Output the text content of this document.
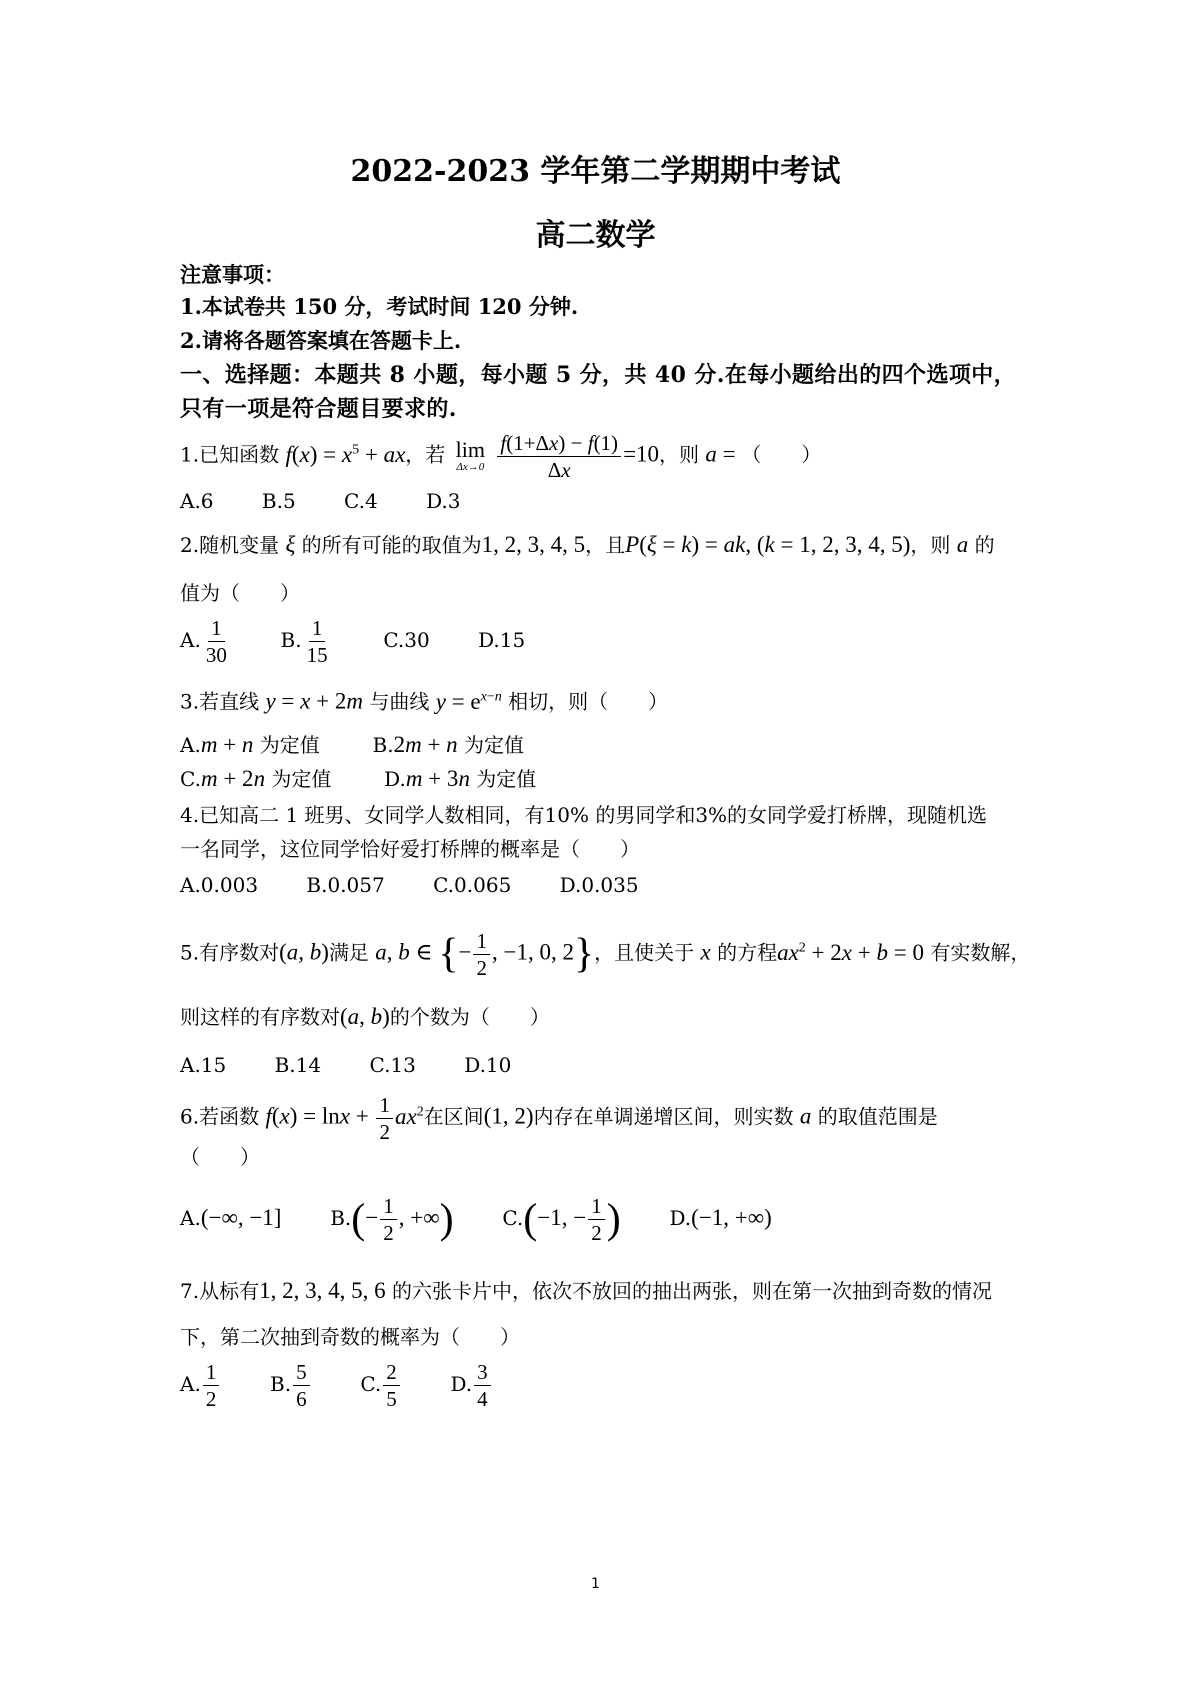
2022-2023 学年第二学期期中考试
高二数学
注意事项：
1.本试卷共 150 分，考试时间 120 分钟.
2.请将各题答案填在答题卡上.
一、选择题：本题共 8 小题，每小题 5 分，共 40 分.在每小题给出的四个选项中，
只有一项是符合题目要求的.
1.已知函数 $f(x) = x^5$ + ax，若 lim
Δx→0
$\frac{f(1+\Delta x) - f(1)}{\Delta x} =10$，则 a = （　　）
A.6 B.5 C.4 D.3
2.随机变量 ξ 的所有可能的取值为1, 2, 3, 4, 5，且P(ξ = k) = ak, (k = 1, 2, 3, 4, 5)，则 a 的
值为（　　）
A. $\frac{1}{30}$	B. $\frac{1}{15}$	C.30 D.15
3.若直线 y = x + 2m 与曲线 $y = e^{x-n}$ 相切，则（　　）
A.m + n 为定值	B.2m + n 为定值
C.m + 2n 为定值	D.m + 3n 为定值
4.已知高二 1 班男、女同学人数相同，有10% 的男同学和3%的女同学爱打桥牌，现随机选
一名同学，这位同学恰好爱打桥牌的概率是（　　）
A.0.003 B.0.057 C.0.065 D.0.035
5.有序数对(a, b)满足 a, b ∈ {− $\frac{1}{2}$ , −1, 0, 2}，且使关于 x 的方程$ax^2 + 2x + b = 0$ 有实数解，
则这样的有序数对(a, b)的个数为（　　）
A.15 B.14 C.13 D.10
6.若函数 $f(x) = \ln x + \frac{1}{2} ax^2$在区间(1, 2)内存在单调递增区间，则实数 a 的取值范围是
（　　）
A.(−∞, −1] $B.(- \frac{1}{2}$ , +∞) C.(−1, − $\frac{1}{2}$ ) D.(−1, +∞)
7.从标有1, 2, 3, 4, 5, 6 的六张卡片中，依次不放回的抽出两张，则在第一次抽到奇数的情况
下，第二次抽到奇数的概率为（　　）
A. $\frac{1}{2}$	B. $\frac{5}{6}$	C. $\frac{2}{5}$	D. $\frac{3}{4}$
1
